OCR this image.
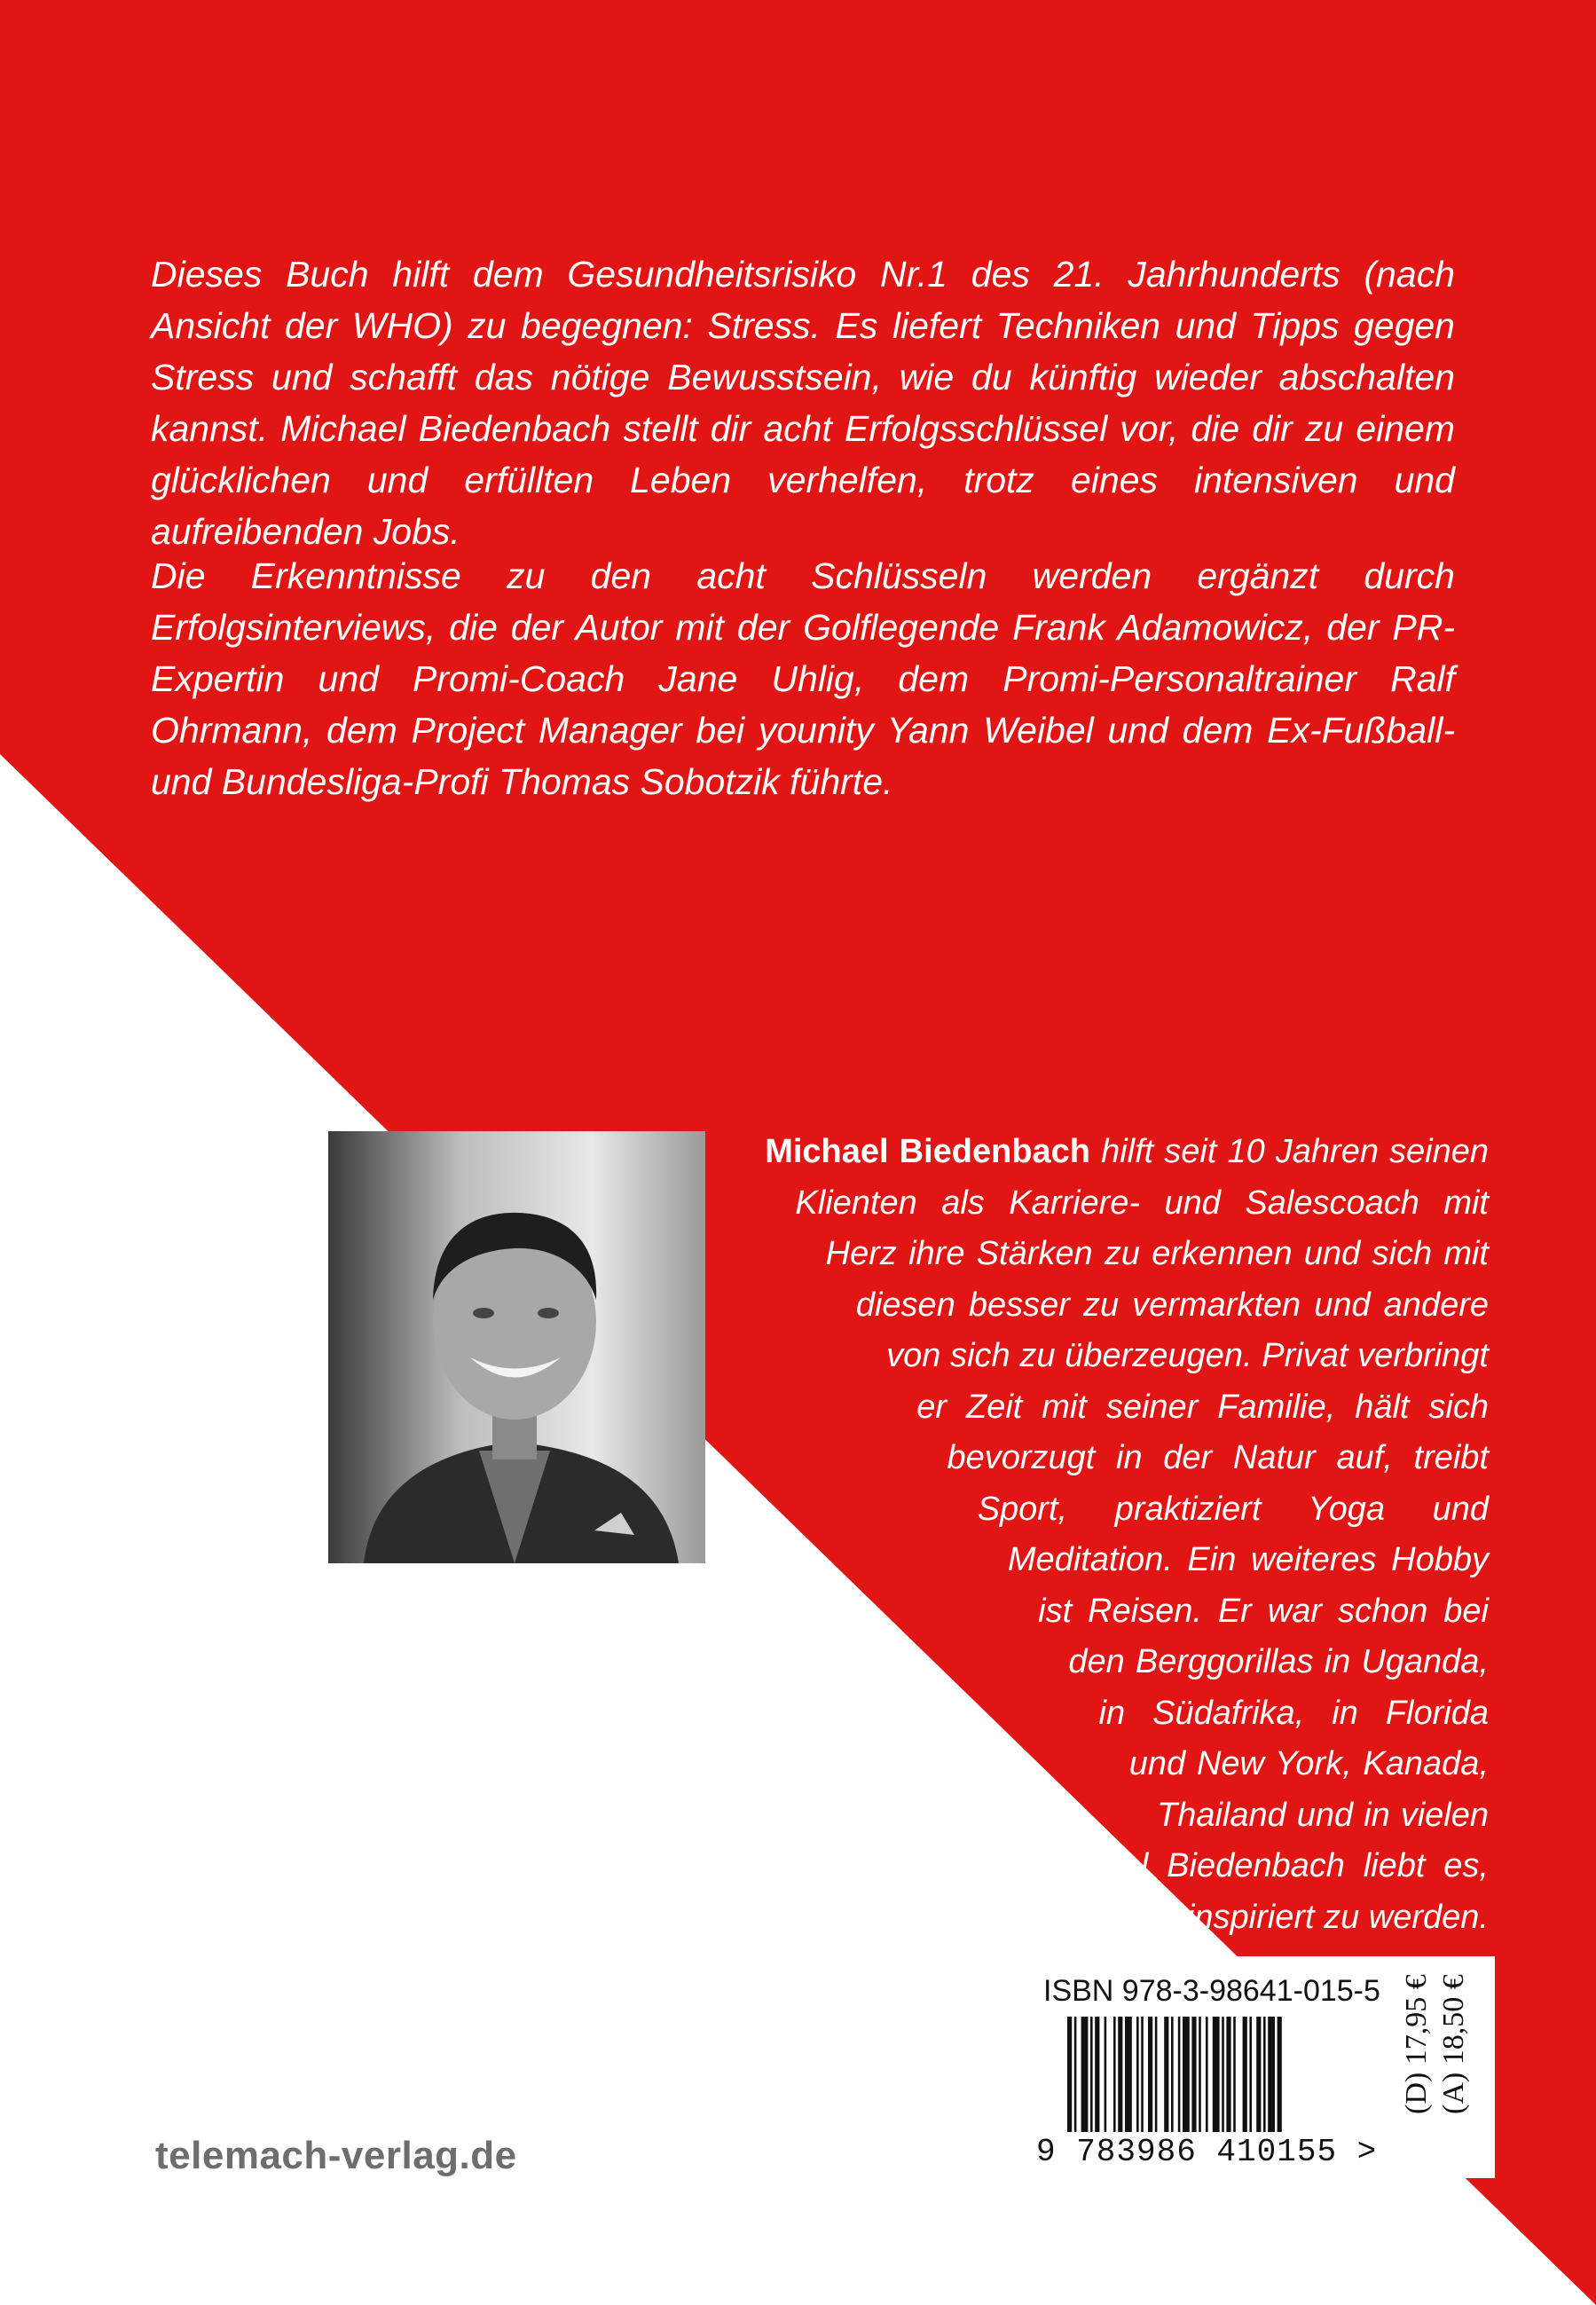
Dieses Buch hilft dem Gesundheitsrisiko Nr.1 des 21. Jahrhunderts (nach Ansicht der WHO) zu begegnen: Stress. Es liefert Techniken und Tipps gegen Stress und schafft das nötige Bewusstsein, wie du künftig wieder abschalten kannst. Michael Biedenbach stellt dir acht Erfolgsschlüssel vor, die dir zu einem glücklichen und erfüllten Leben verhelfen, trotz eines intensiven und aufreibenden Jobs.

Die Erkenntnisse zu den acht Schlüsseln werden ergänzt durch Erfolgsinterviews, die der Autor mit der Golflegende Frank Adamowicz, der PR-Expertin und Promi-Coach Jane Uhlig, dem Promi-Personaltrainer Ralf Ohrmann, dem Project Manager bei younity Yann Weibel und dem Ex-Fußball- und Bundesliga-Profi Thomas Sobotzik führte.

Michael Biedenbach hilft seit 10 Jahren seinen Klienten als Karriere- und Salescoach mit Herz ihre Stärken zu erkennen und sich mit diesen besser zu vermarkten und andere von sich zu überzeugen. Privat verbringt er Zeit mit seiner Familie, hält sich bevorzugt in der Natur auf, treibt Sport, praktiziert Yoga und Meditation. Ein weiteres Hobby ist Reisen. Er war schon bei den Berggorillas in Uganda, in Südafrika, in Florida und New York, Kanada, Thailand und in vielen weiteren Ländern. Michael Biedenbach liebt es, Menschen zu inspirieren und inspiriert zu werden.
telemach-verlag.de
ISBN 978-3-98641-015-5
9 783986 410155 >
(D) 17,95 € (A) 18,50 €
